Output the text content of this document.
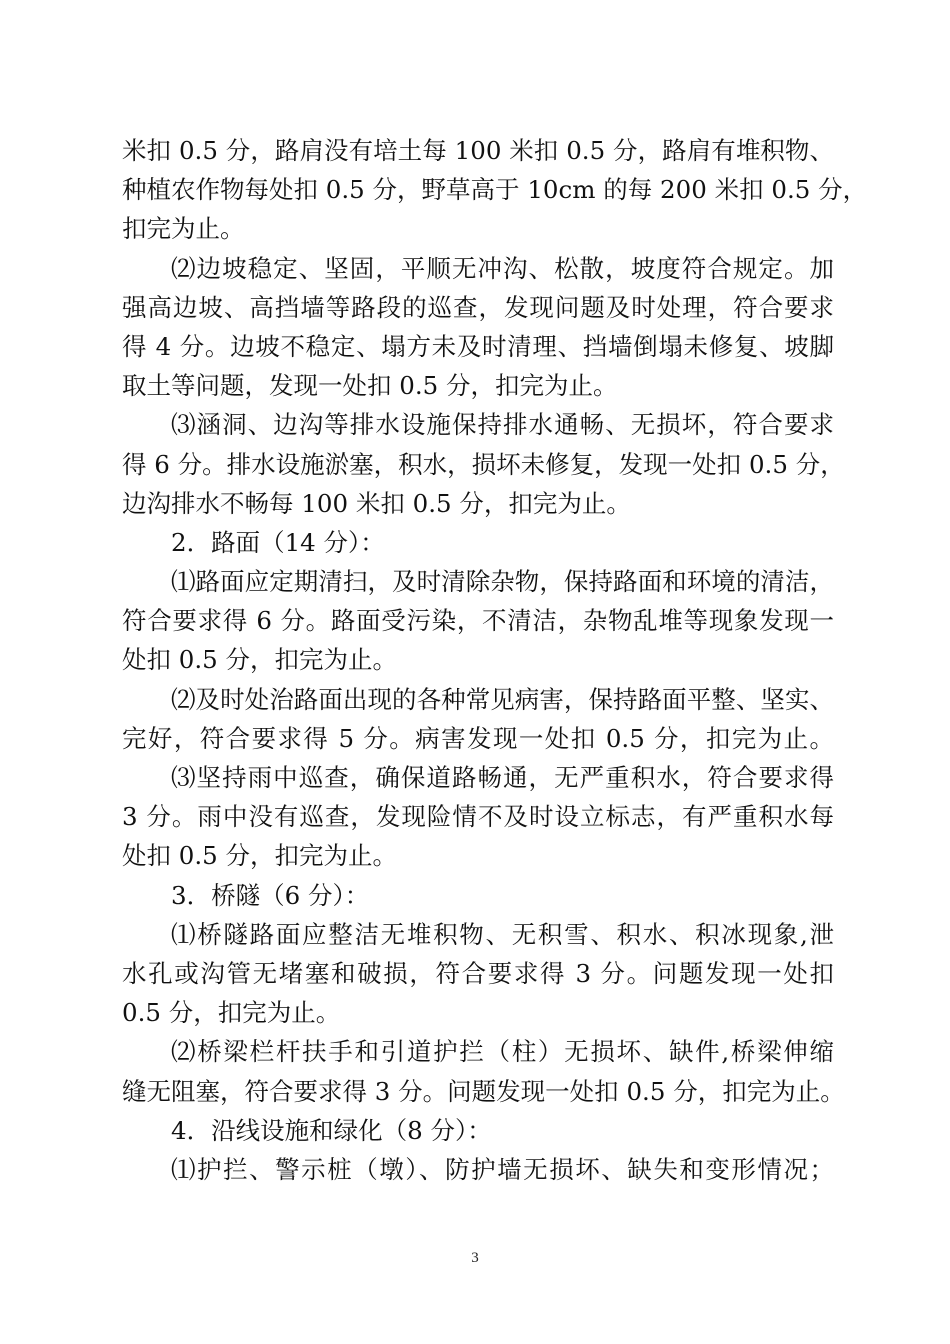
米扣 0.5 分，路肩没有培土每 100 米扣 0.5 分，路肩有堆积物、
种植农作物每处扣 0.5 分，野草高于 10cm 的每 200 米扣 0.5 分，
扣完为止。
⑵边坡稳定、坚固，平顺无冲沟、松散，坡度符合规定。加
强高边坡、高挡墙等路段的巡查，发现问题及时处理，符合要求
得 4 分。边坡不稳定、塌方未及时清理、挡墙倒塌未修复、坡脚
取土等问题，发现一处扣 0.5 分，扣完为止。
⑶涵洞、边沟等排水设施保持排水通畅、无损坏，符合要求
得 6 分。排水设施淤塞，积水，损坏未修复，发现一处扣 0.5 分，
边沟排水不畅每 100 米扣 0.5 分，扣完为止。
2．路面（14 分）：
⑴路面应定期清扫，及时清除杂物，保持路面和环境的清洁，
符合要求得 6 分。路面受污染，不清洁，杂物乱堆等现象发现一
处扣 0.5 分，扣完为止。
⑵及时处治路面出现的各种常见病害，保持路面平整、坚实、
完好，符合要求得 5 分。病害发现一处扣 0.5 分，扣完为止。
⑶坚持雨中巡查，确保道路畅通，无严重积水，符合要求得
3 分。雨中没有巡查，发现险情不及时设立标志，有严重积水每
处扣 0.5 分，扣完为止。
3．桥隧（6 分）：
⑴桥隧路面应整洁无堆积物、无积雪、积水、积冰现象,泄
水孔或沟管无堵塞和破损，符合要求得 3 分。问题发现一处扣
0.5 分，扣完为止。
⑵桥梁栏杆扶手和引道护拦（柱）无损坏、缺件,桥梁伸缩
缝无阻塞，符合要求得 3 分。问题发现一处扣 0.5 分，扣完为止。
4．沿线设施和绿化（8 分）：
⑴护拦、警示桩（墩）、防护墙无损坏、缺失和变形情况；
3
